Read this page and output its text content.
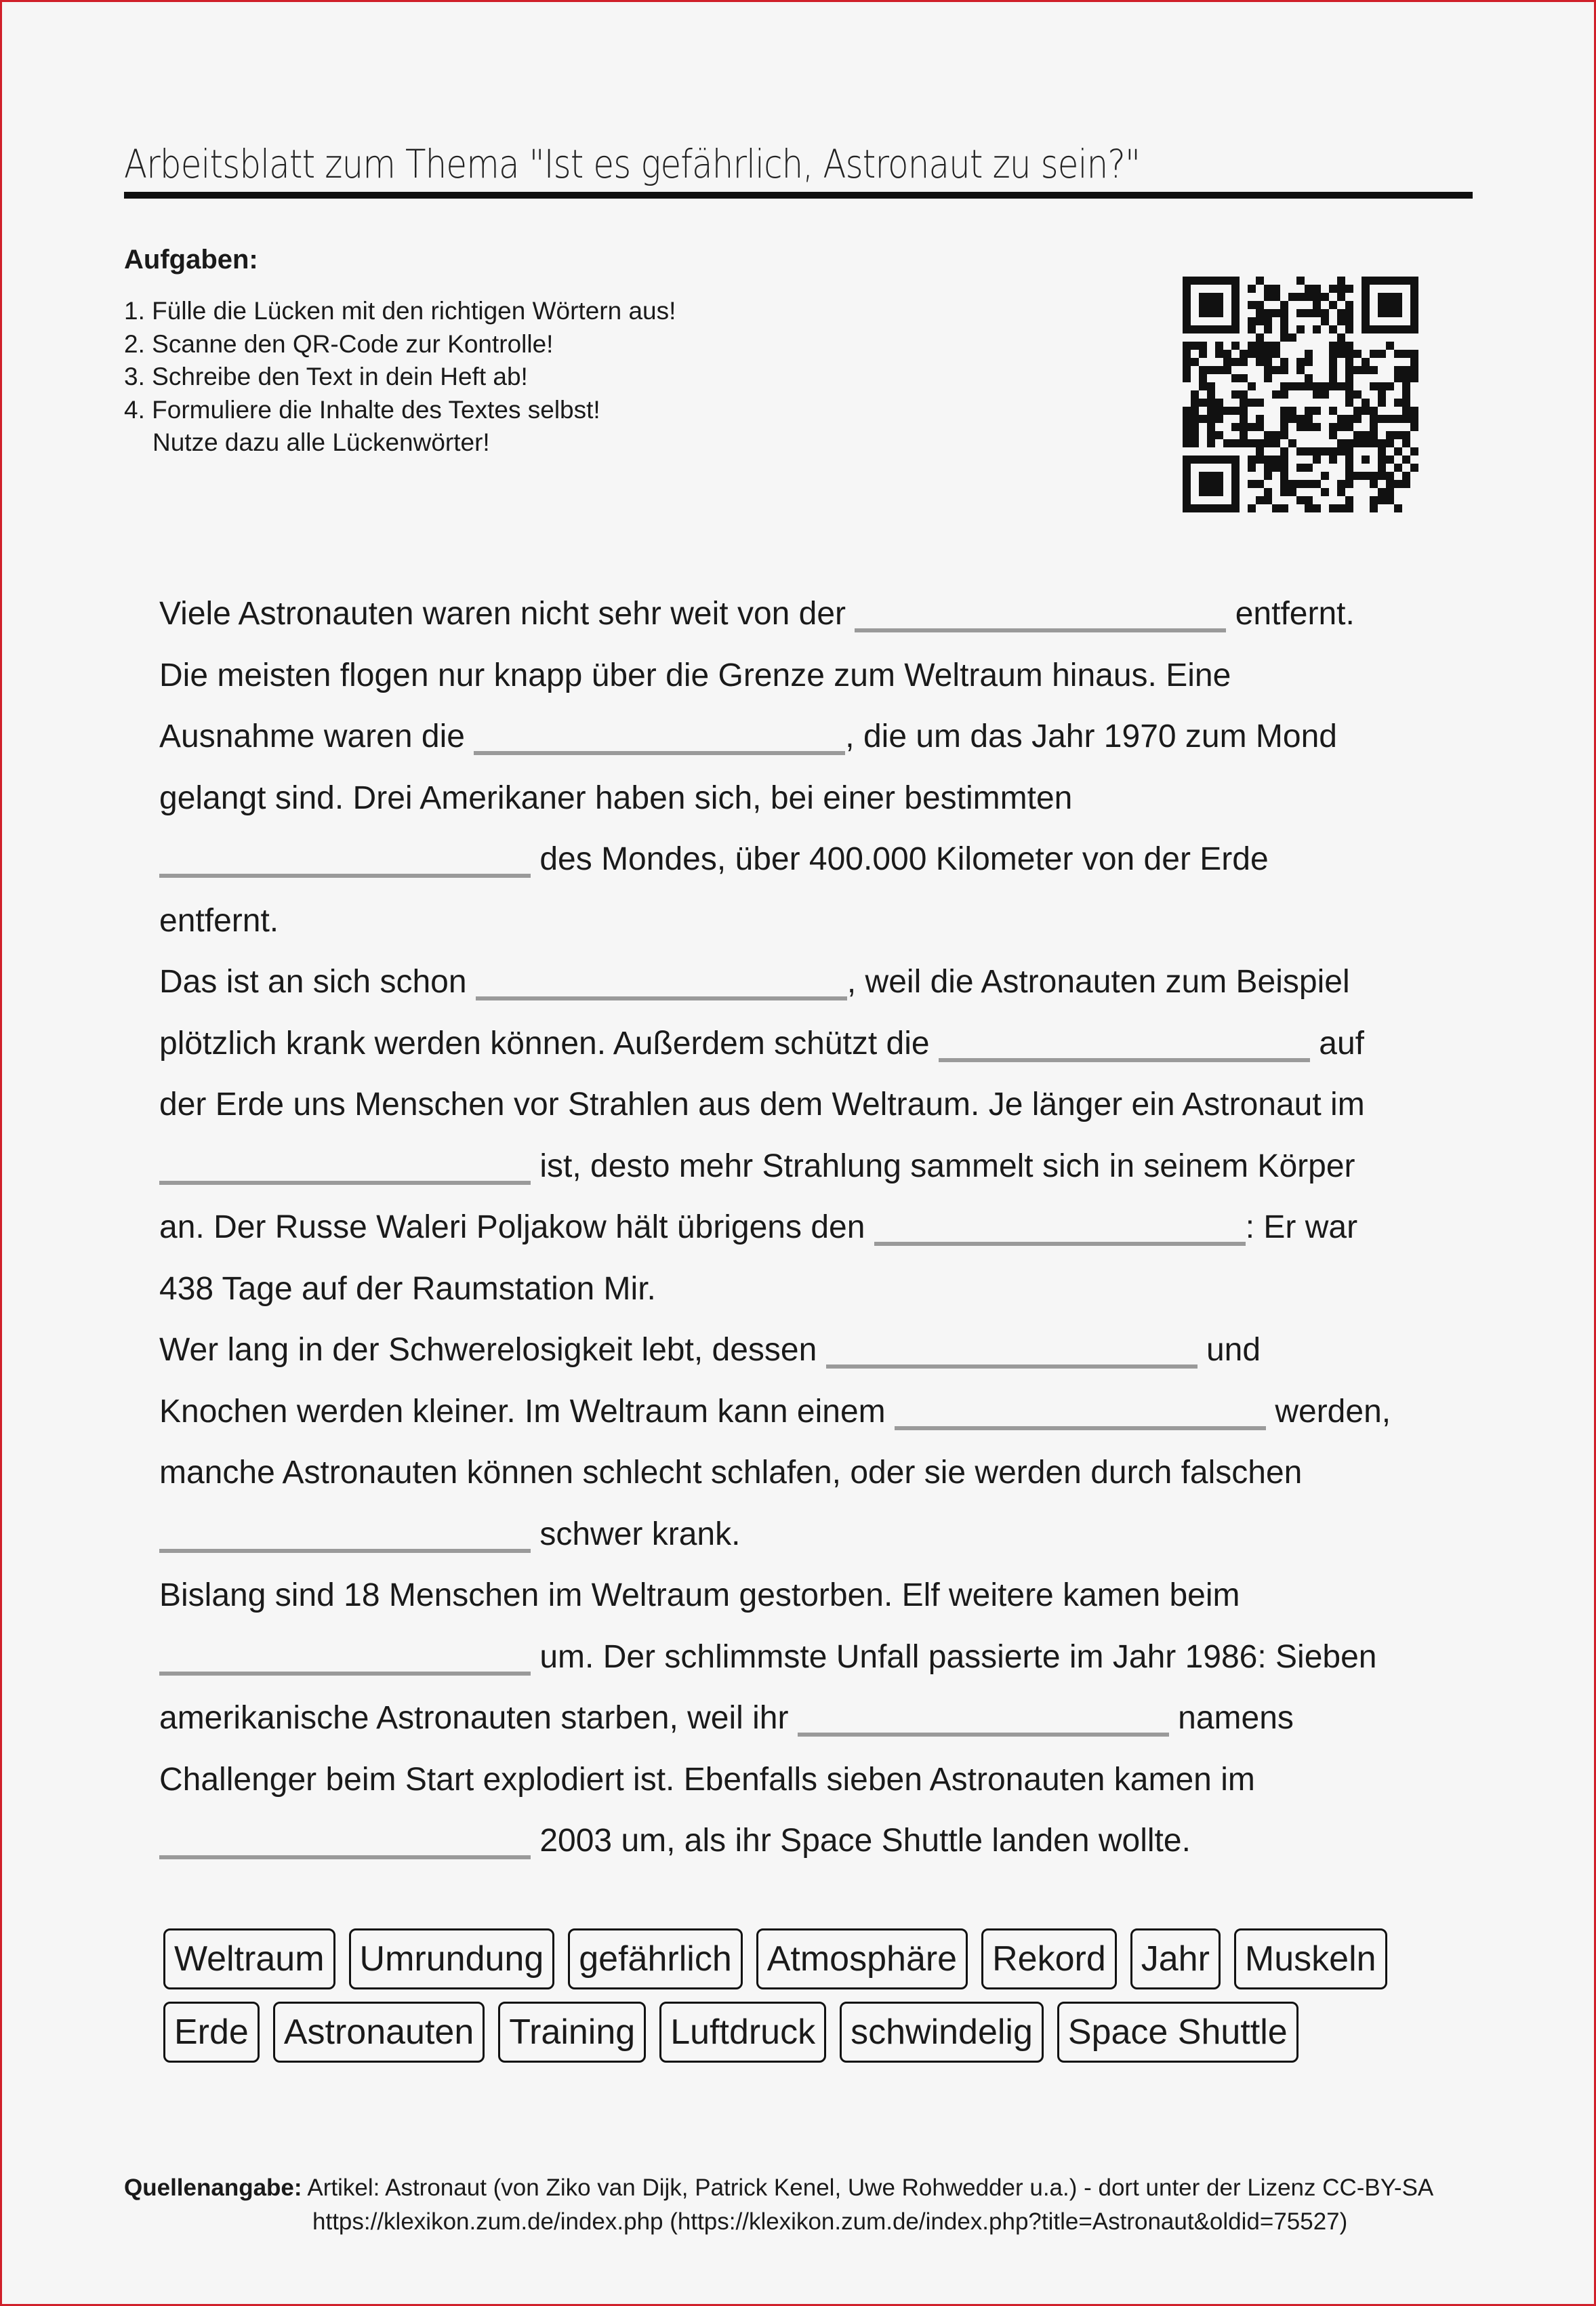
Arbeitsblatt zum Thema "Ist es gefährlich, Astronaut zu sein?"
Aufgaben:
1. Fülle die Lücken mit den richtigen Wörtern aus!
2. Scanne den QR-Code zur Kontrolle!
3. Schreibe den Text in dein Heft ab!
4. Formuliere die Inhalte des Textes selbst!
Nutze dazu alle Lückenwörter!
Viele Astronauten waren nicht sehr weit von der	entfernt.
Die meisten flogen nur knapp über die Grenze zum Weltraum hinaus. Eine
Ausnahme waren die	, die um das Jahr 1970 zum Mond
gelangt sind. Drei Amerikaner haben sich, bei einer bestimmten
des Mondes, über 400.000 Kilometer von der Erde
entfernt.
Das ist an sich schon	, weil die Astronauten zum Beispiel
plötzlich krank werden können. Außerdem schützt die	auf
der Erde uns Menschen vor Strahlen aus dem Weltraum. Je länger ein Astronaut im
ist, desto mehr Strahlung sammelt sich in seinem Körper
an. Der Russe Waleri Poljakow hält übrigens den	: Er war
438 Tage auf der Raumstation Mir.
Wer lang in der Schwerelosigkeit lebt, dessen	und
Knochen werden kleiner. Im Weltraum kann einem	werden,
manche Astronauten können schlecht schlafen, oder sie werden durch falschen
schwer krank.
Bislang sind 18 Menschen im Weltraum gestorben. Elf weitere kamen beim
um. Der schlimmste Unfall passierte im Jahr 1986: Sieben
amerikanische Astronauten starben, weil ihr	namens
Challenger beim Start explodiert ist. Ebenfalls sieben Astronauten kamen im
2003 um, als ihr Space Shuttle landen wollte.
Weltraum	Umrundung	gefährlich	Atmosphäre	Rekord	Jahr	Muskeln
Erde	Astronauten	Training	Luftdruck	schwindelig	Space Shuttle
Quellenangabe: Artikel: Astronaut (von Ziko van Dijk, Patrick Kenel, Uwe Rohwedder u.a.) - dort unter der Lizenz CC-BY-SA
https://klexikon.zum.de/index.php (https://klexikon.zum.de/index.php?title=Astronaut&oldid=75527)
